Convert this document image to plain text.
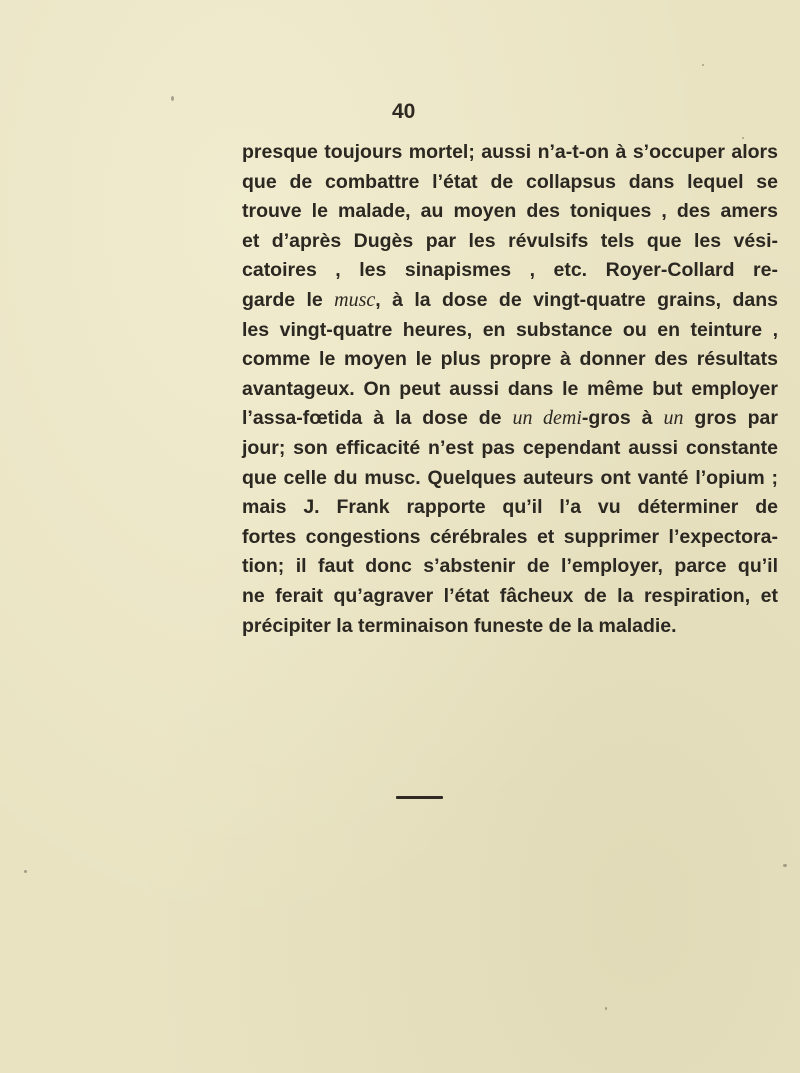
40
presque toujours mortel; aussi n’a-t-on à s’occuper alors
que de combattre l’état de collapsus dans lequel se
trouve le malade, au moyen des toniques , des amers
et d’après Dugès par les révulsifs tels que les vési-
catoires , les sinapismes , etc. Royer-Collard re-
garde le musc, à la dose de vingt-quatre grains, dans
les vingt-quatre heures, en substance ou en teinture ,
comme le moyen le plus propre à donner des résultats
avantageux. On peut aussi dans le même but employer
l’assa-fœtida à la dose de un demi-gros à un gros par
jour; son efficacité n’est pas cependant aussi constante
que celle du musc. Quelques auteurs ont vanté l’opium ;
mais J. Frank rapporte qu’il l’a vu déterminer de
fortes congestions cérébrales et supprimer l’expectora-
tion; il faut donc s’abstenir de l’employer, parce qu’il
ne ferait qu’agraver l’état fâcheux de la respiration, et
précipiter la terminaison funeste de la maladie.
